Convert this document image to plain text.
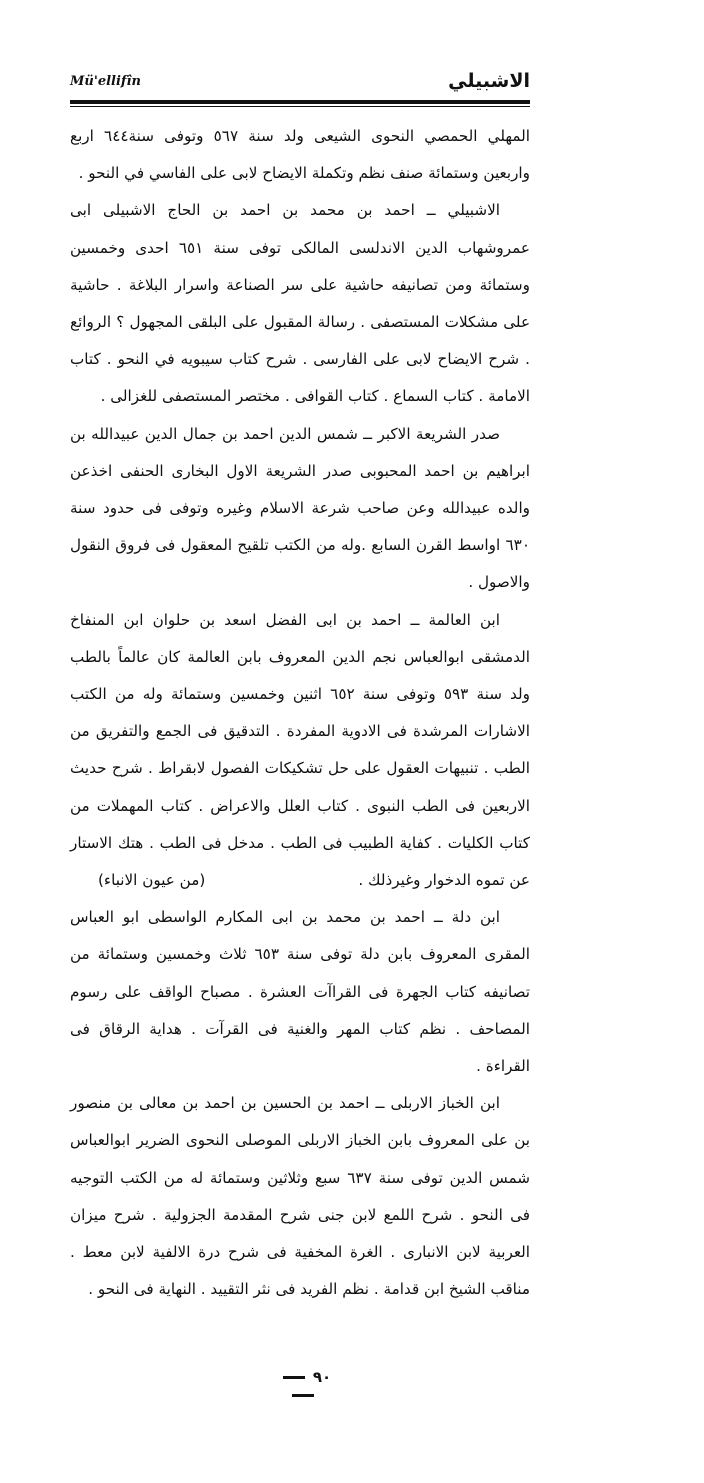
Mü'ellifîn	الاشبيلي

المهلي الحمصي النحوى الشيعى ولد سنة ٥٦٧ وتوفى سنة٦٤٤ اربع واربعين وستمائة صنف نظم وتكملة الايضاح لابى على الفاسي في النحو .

الاشبيلي ــ احمد بن محمد بن احمد بن الحاج الاشبيلى ابى عمروشهاب الدين الاندلسى المالكى توفى سنة ٦٥١ احدى وخمسين وستمائة ومن تصانيفه حاشية على سر الصناعة واسرار البلاغة . حاشية على مشكلات المستصفى . رسالة المقبول على البلقى المجهول ؟ الروائع . شرح الايضاح لابى على الفارسى . شرح كتاب سيبويه في النحو . كتاب الامامة . كتاب السماع . كتاب القوافى . مختصر المستصفى للغزالى .

صدر الشريعة الاكبر ــ شمس الدين احمد بن جمال الدين عبيدالله بن ابراهيم بن احمد المحبوبى صدر الشريعة الاول البخارى الحنفى اخذعن والده عبيدالله وعن صاحب شرعة الاسلام وغيره وتوفى فى حدود سنة ٦٣٠ اواسط القرن السابع .وله من الكتب تلقيح المعقول فى فروق النقول والاصول .

ابن العالمة ــ احمد بن ابى الفضل اسعد بن حلوان ابن المنفاخ الدمشقى ابوالعباس نجم الدين المعروف بابن العالمة كان عالماً بالطب ولد سنة ٥٩٣ وتوفى سنة ٦٥٢ اثنين وخمسين وستمائة وله من الكتب الاشارات المرشدة فى الادوية المفردة . التدقيق فى الجمع والتفريق من الطب . تنبيهات العقول على حل تشكيكات الفصول لابقراط . شرح حديث الاربعين فى الطب النبوى . كتاب العلل والاعراض . كتاب المهملات من كتاب الكليات . كفاية الطبيب فى الطب . مدخل فى الطب . هتك الاستار عن تموه الدخوار وغيرذلك .
(من عيون الانباء)

ابن دلة ــ احمد بن محمد بن ابى المكارم الواسطى ابو العباس المقرى المعروف بابن دلة توفى سنة ٦٥٣ ثلاث وخمسين وستمائة من تصانيفه كتاب الجهرة فى القراآت العشرة . مصباح الواقف على رسوم المصاحف . نظم كتاب المهر والغنية فى القرآت . هداية الرقاق فى القراءة .

ابن الخباز الاربلى ــ احمد بن الحسين بن احمد بن معالى بن منصور بن على المعروف بابن الخباز الاربلى الموصلى النحوى الضرير ابوالعباس شمس الدين توفى سنة ٦٣٧ سبع وثلاثين وستمائة له من الكتب التوجيه فى النحو . شرح اللمع لابن جنى شرح المقدمة الجزولية . شرح ميزان العربية لابن الانبارى . الغرة المخفية فى شرح درة الالفية لابن معط . مناقب الشيخ ابن قدامة . نظم الفريد فى نثر التقييد . النهاية فى النحو .

٩٠
